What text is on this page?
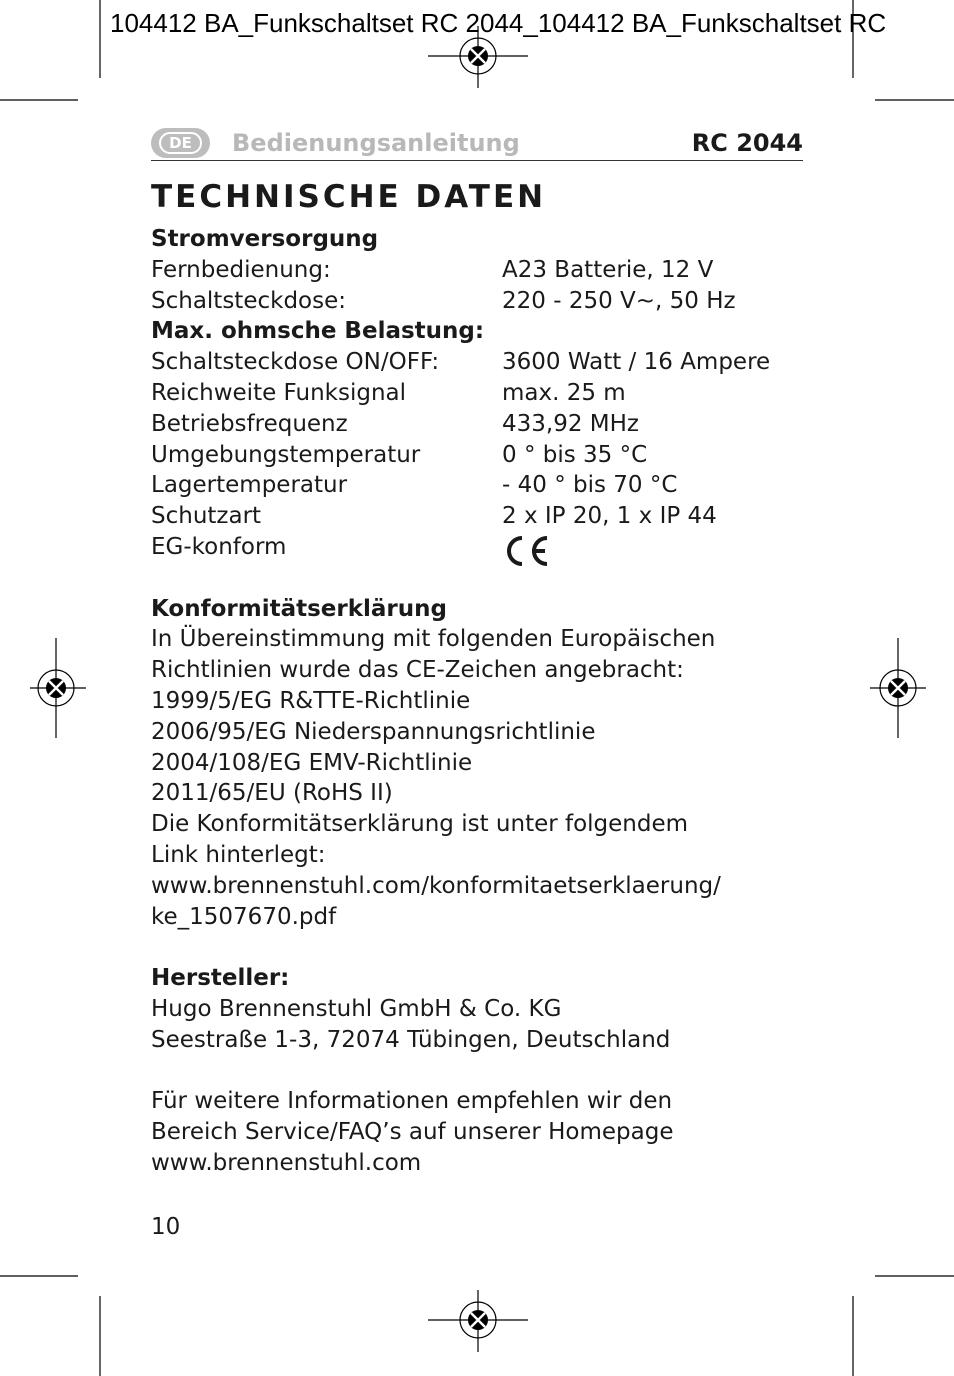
104412 BA_Funkschaltset RC 2044_104412 BA_Funkschaltset RC
DE	Bedienungsanleitung	RC 2044
TECHNISCHE DATEN
Stromversorgung
Fernbedienung:	A23 Batterie, 12 V
Schaltsteckdose:	220 - 250 V~, 50 Hz
Max. ohmsche Belastung:
Schaltsteckdose ON/OFF:	3600 Watt / 16 Ampere
Reichweite Funksignal	max. 25 m
Betriebsfrequenz	433,92 MHz
Umgebungstemperatur	0 ° bis 35 °C
Lagertemperatur	- 40 ° bis 70 °C
Schutzart	2 x IP 20, 1 x IP 44
EG-konform
Konformitätserklärung
In Übereinstimmung mit folgenden Europäischen
Richtlinien wurde das CE-Zeichen angebracht:
1999/5/EG R&TTE-Richtlinie
2006/95/EG Niederspannungsrichtlinie
2004/108/EG EMV-Richtlinie
2011/65/EU (RoHS II)
Die Konformitätserklärung ist unter folgendem
Link hinterlegt:
www.brennenstuhl.com/konformitaetserklaerung/
ke_1507670.pdf
Hersteller:
Hugo Brennenstuhl GmbH & Co. KG
Seestraße 1-3, 72074 Tübingen, Deutschland
Für weitere Informationen empfehlen wir den
Bereich Service/FAQ’s auf unserer Homepage
www.brennenstuhl.com
10
